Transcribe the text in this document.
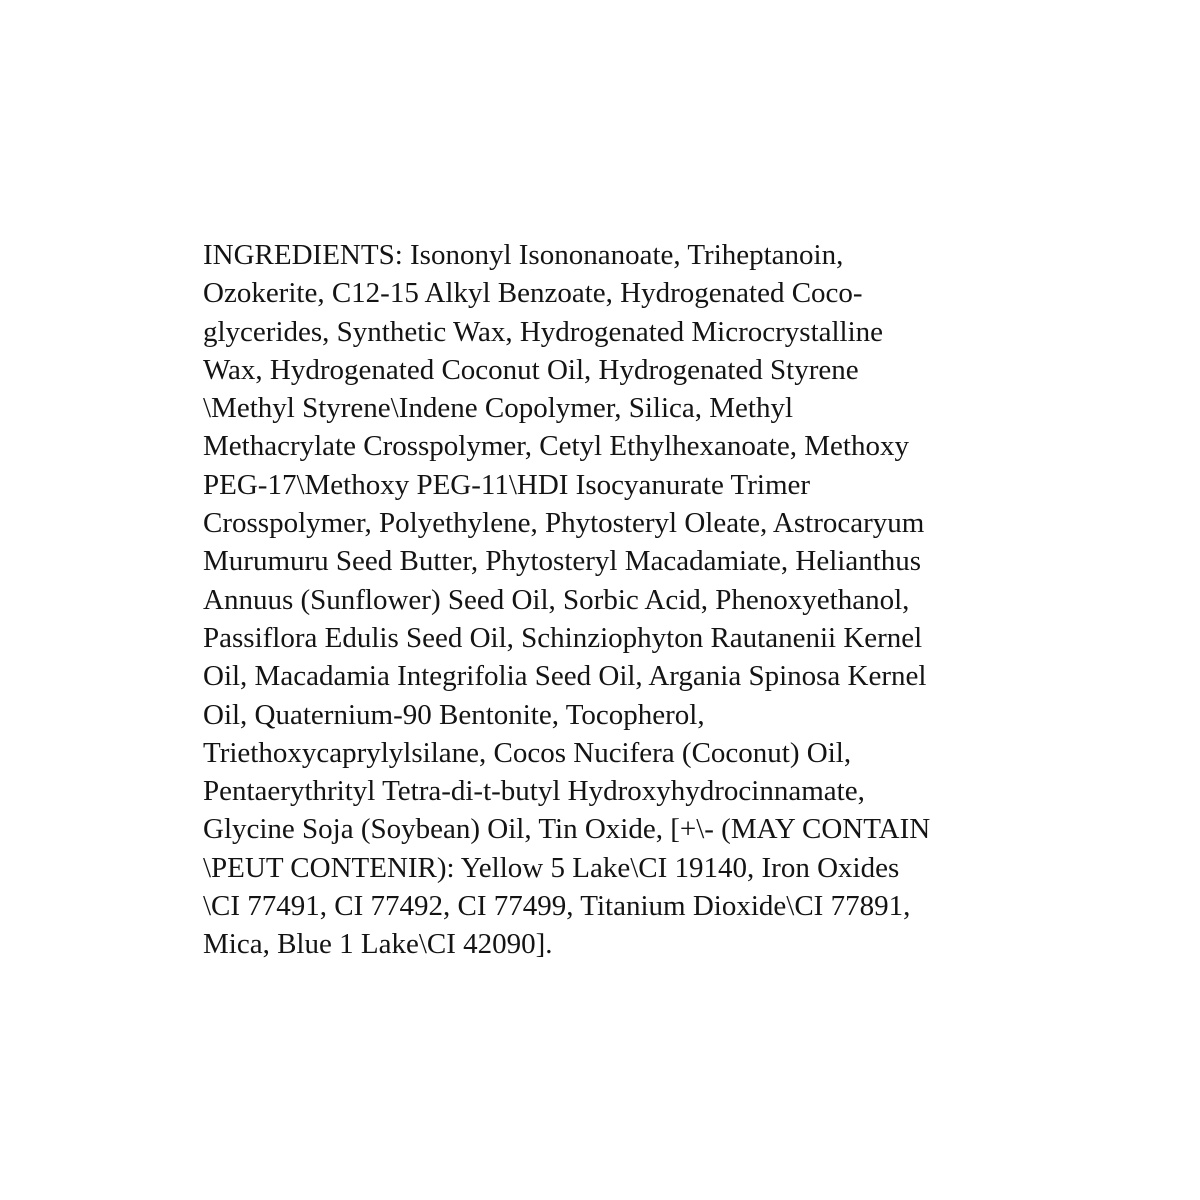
INGREDIENTS: Isononyl Isononanoate, Triheptanoin,
Ozokerite, C12-15 Alkyl Benzoate, Hydrogenated Coco-
glycerides, Synthetic Wax, Hydrogenated Microcrystalline
Wax, Hydrogenated Coconut Oil, Hydrogenated Styrene
\Methyl Styrene\Indene Copolymer, Silica, Methyl
Methacrylate Crosspolymer, Cetyl Ethylhexanoate, Methoxy
PEG-17\Methoxy PEG-11\HDI Isocyanurate Trimer
Crosspolymer, Polyethylene, Phytosteryl Oleate, Astrocaryum
Murumuru Seed Butter, Phytosteryl Macadamiate, Helianthus
Annuus (Sunflower) Seed Oil, Sorbic Acid, Phenoxyethanol,
Passiflora Edulis Seed Oil, Schinziophyton Rautanenii Kernel
Oil, Macadamia Integrifolia Seed Oil, Argania Spinosa Kernel
Oil, Quaternium-90 Bentonite, Tocopherol,
Triethoxycaprylylsilane, Cocos Nucifera (Coconut) Oil,
Pentaerythrityl Tetra-di-t-butyl Hydroxyhydrocinnamate,
Glycine Soja (Soybean) Oil, Tin Oxide, [+\- (MAY CONTAIN
\PEUT CONTENIR): Yellow 5 Lake\CI 19140, Iron Oxides
\CI 77491, CI 77492, CI 77499, Titanium Dioxide\CI 77891,
Mica, Blue 1 Lake\CI 42090].
